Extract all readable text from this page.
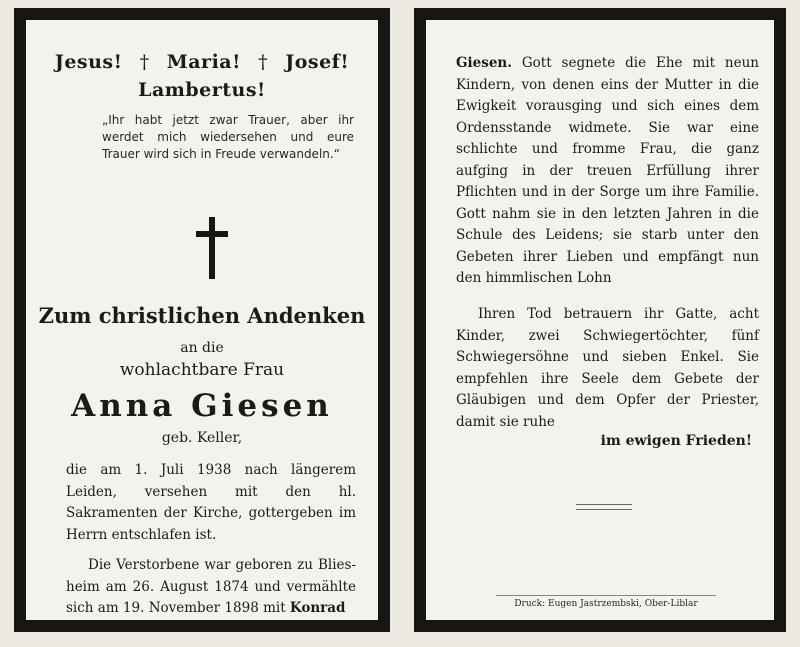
Jesus! † Maria! † Josef!
Lambertus!
„Ihr habt jetzt zwar Trauer, aber ihr werdet mich wiedersehen und eure Trauer wird sich in Freude verwandeln.“
Zum christlichen Andenken
an die
wohlachtbare Frau
Anna Giesen
geb. Keller,
die am 1. Juli 1938 nach längerem Leiden, versehen mit den hl. Sakramenten der Kirche, gottergeben im Herrn entschlafen ist.
Die Verstorbene war geboren zu Bliesheim am 26. August 1874 und vermählte sich am 19. November 1898 mit Konrad
Giesen. Gott segnete die Ehe mit neun Kindern, von denen eins der Mutter in die Ewigkeit vorausging und sich eines dem Ordensstande widmete. Sie war eine schlichte und fromme Frau, die ganz aufging in der treuen Erfüllung ihrer Pflichten und in der Sorge um ihre Familie. Gott nahm sie in den letzten Jahren in die Schule des Leidens; sie starb unter den Gebeten ihrer Lieben und empfängt nun den himmlischen Lohn
Ihren Tod betrauern ihr Gatte, acht Kinder, zwei Schwiegertöchter, fünf Schwiegersöhne und sieben Enkel. Sie empfehlen ihre Seele dem Gebete der Gläubigen und dem Opfer der Priester, damit sie ruhe
im ewigen Frieden!
Druck: Eugen Jastrzembski, Ober-Liblar
